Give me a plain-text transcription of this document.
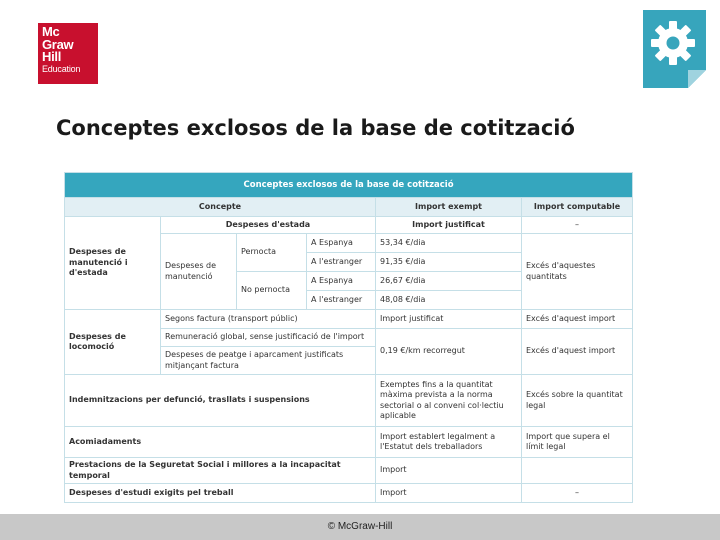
Mc
Graw
Hill
Education
Conceptes exclosos de la base de cotització
Conceptes exclosos de la base de cotització					
Concepte				Import exempt	Import computable
Despeses de manutenció i d'estada	Despeses d'estada			Import justificat	–
	Despeses de manutenció	Pernocta	A Espanya	53,34 €/dia	Excés d'aquestes quantitats
			A l'estranger	91,35 €/dia	
		No pernocta	A Espanya	26,67 €/dia	
			A l'estranger	48,08 €/dia	
Despeses de locomoció	Segons factura (transport públic)			Import justificat	Excés d'aquest import
	Remuneració global, sense justificació de l'import			0,19 €/km recorregut	Excés d'aquest import
	Despeses de peatge i aparcament justificats mitjançant factura				
Indemnitzacions per defunció, trasllats i suspensions				Exemptes fins a la quantitat màxima prevista a la norma sectorial o al conveni col·lectiu aplicable	Excés sobre la quantitat legal
Acomiadaments				Import establert legalment a l'Estatut dels treballadors	Import que supera el límit legal
Prestacions de la Seguretat Social i millores a la incapacitat temporal				Import	
Despeses d'estudi exigits pel treball				Import	–
© McGraw-Hill
